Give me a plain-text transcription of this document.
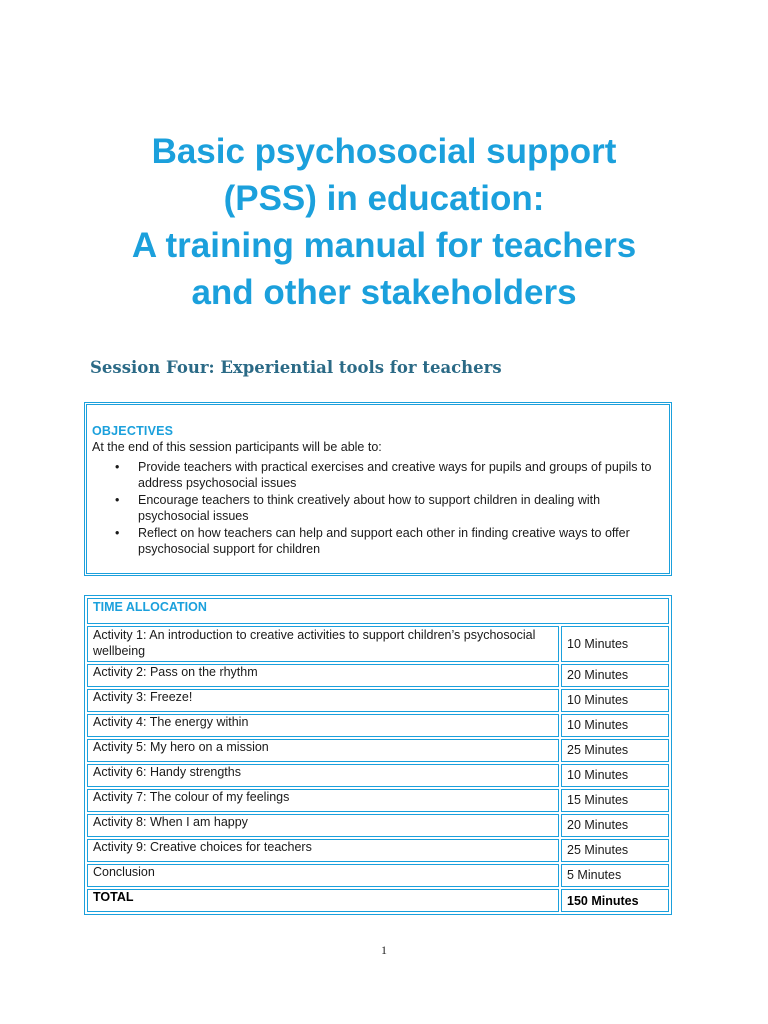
Basic psychosocial support
(PSS) in education:
A training manual for teachers
and other stakeholders
Session Four: Experiential tools for teachers
OBJECTIVES
At the end of this session participants will be able to:
• Provide teachers with practical exercises and creative ways for pupils and groups of pupils to address psychosocial issues
• Encourage teachers to think creatively about how to support children in dealing with psychosocial issues
• Reflect on how teachers can help and support each other in finding creative ways to offer psychosocial support for children
TIME ALLOCATION	
Activity 1: An introduction to creative activities to support children’s psychosocial wellbeing	10 Minutes
Activity 2: Pass on the rhythm	20 Minutes
Activity 3: Freeze!	10 Minutes
Activity 4: The energy within	10 Minutes
Activity 5: My hero on a mission	25 Minutes
Activity 6: Handy strengths	10 Minutes
Activity 7: The colour of my feelings	15 Minutes
Activity 8: When I am happy	20 Minutes
Activity 9: Creative choices for teachers	25 Minutes
Conclusion	5 Minutes
TOTAL	150 Minutes
1
